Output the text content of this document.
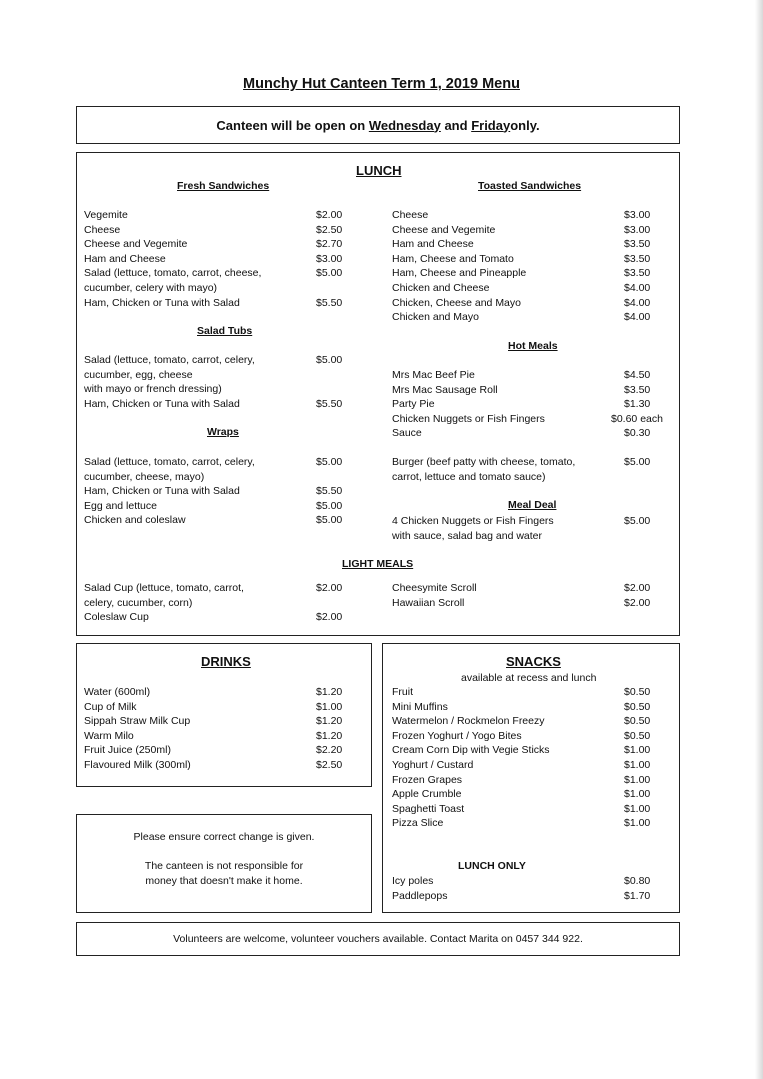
Munchy Hut Canteen Term 1, 2019 Menu
Canteen will be open on
Wednesday and Friday only.
LUNCH
Fresh Sandwiches
Vegemite	$2.00
Cheese	$2.50
Cheese and Vegemite	$2.70
Ham and Cheese	$3.00
Salad (lettuce, tomato, carrot, cheese,	$5.00
cucumber, celery with mayo)
Ham, Chicken or Tuna with Salad	$5.50
Salad Tubs
Salad (lettuce, tomato, carrot, celery,	$5.00
cucumber, egg, cheese
with mayo or french dressing)
Ham, Chicken or Tuna with Salad	$5.50
Wraps
Salad (lettuce, tomato, carrot, celery,	$5.00
cucumber, cheese, mayo)
Ham, Chicken or Tuna with Salad	$5.50
Egg and lettuce	$5.00
Chicken and coleslaw	$5.00
Toasted Sandwiches
Cheese	$3.00
Cheese and Vegemite	$3.00
Ham and Cheese	$3.50
Ham, Cheese and Tomato	$3.50
Ham, Cheese and Pineapple	$3.50
Chicken and Cheese	$4.00
Chicken, Cheese and Mayo	$4.00
Chicken and Mayo	$4.00
Hot Meals
Mrs Mac Beef Pie	$4.50
Mrs Mac Sausage Roll	$3.50
Party Pie	$1.30
Chicken Nuggets or Fish Fingers	$0.60 each
Sauce	$0.30
Burger (beef patty with cheese, tomato,
carrot, lettuce and tomato sauce)
$5.00
Meal Deal
4 Chicken Nuggets or Fish Fingers
with sauce, salad bag and water
$5.00
LIGHT MEALS
Salad Cup (lettuce, tomato, carrot,	$2.00
celery, cucumber, corn)
Coleslaw Cup	$2.00
Cheesymite Scroll	$2.00
Hawaiian Scroll	$2.00
DRINKS
Water (600ml)	$1.20
Cup of Milk	$1.00
Sippah Straw Milk Cup	$1.20
Warm Milo	$1.20
Fruit Juice (250ml)	$2.20
Flavoured Milk (300ml)	$2.50
SNACKS
available at recess and lunch
Fruit	$0.50
Mini Muffins	$0.50
Watermelon / Rockmelon Freezy	$0.50
Frozen Yoghurt / Yogo Bites	$0.50
Cream Corn Dip with Vegie Sticks	$1.00
Yoghurt / Custard	$1.00
Frozen Grapes	$1.00
Apple Crumble	$1.00
Spaghetti Toast	$1.00
Pizza Slice	$1.00
LUNCH ONLY
Icy poles	$0.80
Paddlepops	$1.70
Please ensure correct change is given.
The canteen is not responsible for
money that doesn't make it home.
Volunteers are welcome, volunteer vouchers available. Contact Marita on 0457 344 922.
